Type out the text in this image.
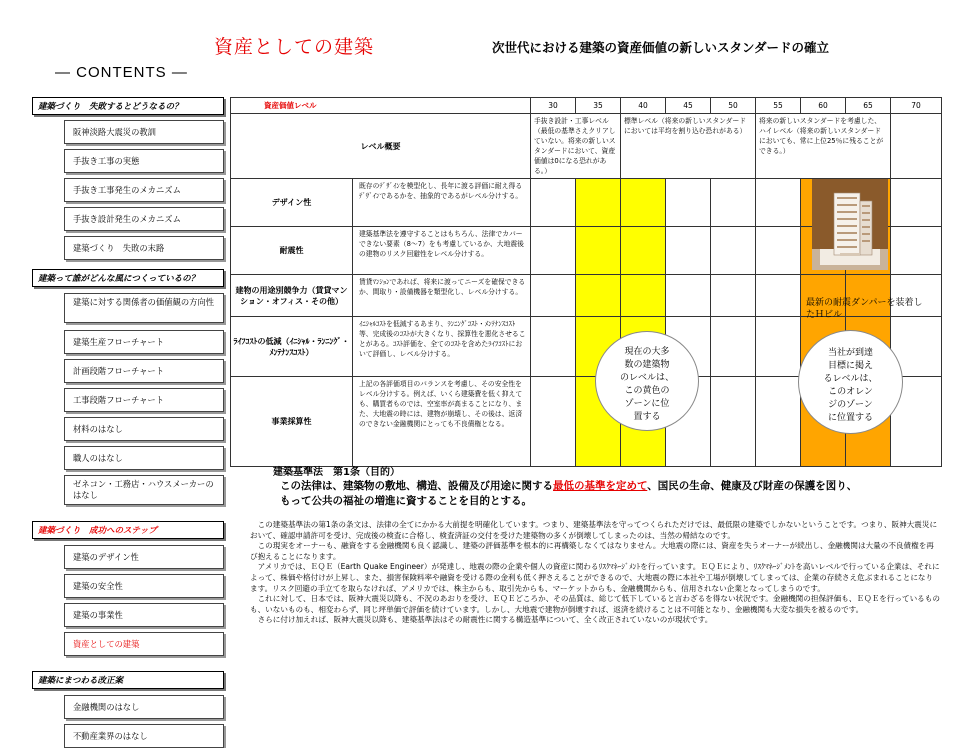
資産としての建築	次世代における建築の資産価値の新しいスタンダードの確立
— CONTENTS —
建築づくり　失敗するとどうなるの？
阪神淡路大震災の教訓
手抜き工事の実態
手抜き工事発生のメカニズム
手抜き設計発生のメカニズム
建築づくり　失敗の末路
建築って誰がどんな風につくっているの？
建築に対する関係者の価値観の方向性
建築生産フローチャート
計画段階フローチャート
工事段階フローチャート
材料のはなし
職人のはなし
ゼネコン・工務店・ハウスメーカーのはなし
建築づくり　成功へのステップ
建築のデザイン性
建築の安全性
建築の事業性
資産としての建築
建築にまつわる改正案
金融機関のはなし
不動産業界のはなし
資産価値レベル		30	35	40	45	50	55	60	65	70
レベル概要		手抜き設計・工事レベル（最低の基準さえクリアしていない。将来の新しいスタンダードにおいて、資産価値は0になる恐れがある。）		標準レベル（将来の新しいスタンダードにおいては平均を割り込む恐れがある）			将来の新しいスタンダードを考慮した、ハイレベル（将来の新しいスタンダードにおいても、常に上位25％に残ることができる。）			
デザイン性	既存のﾃﾞｻﾞｲﾝを模型化し、長年に渡る評価に耐え得るﾃﾞｻﾞｲﾝであるかを、抽象的であるがレベル分けする。									
耐震性	建築基準法を遵守することはもちろん、法律でカバーできない要素（8～7）をも考慮しているか、大地震後の建物のリスク回避性をレベル分けする。									
建物の用途別競争力（賃貸マンション・オフィス・その他）	賃貸ﾏﾝｼｮﾝであれば、将来に渡ってニーズを確保できるか、間取り・設備機器を類型化し、レベル分けする。									
ﾗｲﾌｺｽﾄの低減（ｲﾆｼｬﾙ・ﾗﾝﾆﾝｸﾞ・ﾒﾝﾃﾅﾝｽｺｽﾄ）	ｲﾆｼｬﾙｺｽﾄを低減するあまり、ﾗﾝﾆﾝｸﾞｺｽﾄ・ﾒﾝﾃﾅﾝｽｺｽﾄ等、完成後のｺｽﾄが大きくなり、採算性を悪化させることがある。ｺｽﾄ評価を、全てのｺｽﾄを含めたﾗｲﾌｺｽﾄにおいて評価し、レベル分けする。									
事業採算性	上記の各評価項目のバランスを考慮し、その安全性をレベル分けする。例えば、いくら建築費を低く抑えても、購買者ものでは、空室率が高まることになり、また、大地震の時には、建物が崩壊し、その後は、返済のできない金融機関にとっても不良債権となる。									
最新の耐震ダンパーを装着したＨビル
現在の大多
数の建築物
のレベルは、
この黄色の
ゾーンに位
置する
当社が到達
目標に掲え
るレベルは、
このオレン
ジのゾーン
に位置する
建築基準法　第1条（目的）
この法律は、建築物の敷地、構造、設備及び用途に関する最低の基準を定めて、国民の生命、健康及び財産の保護を図り、もって公共の福祉の増進に資することを目的とする。

この建築基準法の第1条の条文は、法律の全てにかかる大前提を明確化しています。つまり、建築基準法を守ってつくられただけでは、最低限の建築でしかないということです。つまり、阪神大震災において、確認申請許可を受け、完成後の検査に合格し、検査済証の交付を受けた建築物の多くが倒壊してしまったのは、当然の帰結なのです。

この現実をオーナーも、融資をする金融機関も良く認識し、建築の評価基準を根本的に再構築しなくてはなりません。大地震の際には、資産を失うオーナーが続出し、金融機関は大量の不良債権を再び抱えることになります。

アメリカでは、ＥＱＥ（Earth Quake Engineer）が発達し、地震の際の企業や個人の資産に関わるﾘｽｸﾏﾈｰｼﾞﾒﾝﾄを行っています。ＥＱＥにより、ﾘｽｸﾏﾈｰｼﾞﾒﾝﾄを高いレベルで行っている企業は、それによって、株価や格付けが上昇し、また、損害保険料率や融資を受ける際の金利も低く押さえることができるので、大地震の際に本社や工場が倒壊してしまっては、企業の存続さえ危ぶまれることになります。リスク回避の手立てを取らなければ、アメリカでは、株主からも、取引先からも、マーケットからも、金融機関からも、信用されない企業となってしまうのです。

これに対して、日本では、阪神大震災以降も、不況のあおりを受け、ＥＱＥどころか、その品質は、総じて低下していると言わざるを得ない状況です。金融機関の担保評価も、ＥＱＥを行っているものも、いないものも、相変わらず、同じ坪単価で評価を続けています。しかし、大地震で建物が倒壊すれば、返済を続けることは不可能となり、金融機関も大変な損失を被るのです。

さらに付け加えれば、阪神大震災以降も、建築基準法はその耐震性に関する構造基準について、全く改正されていないのが現状です。
